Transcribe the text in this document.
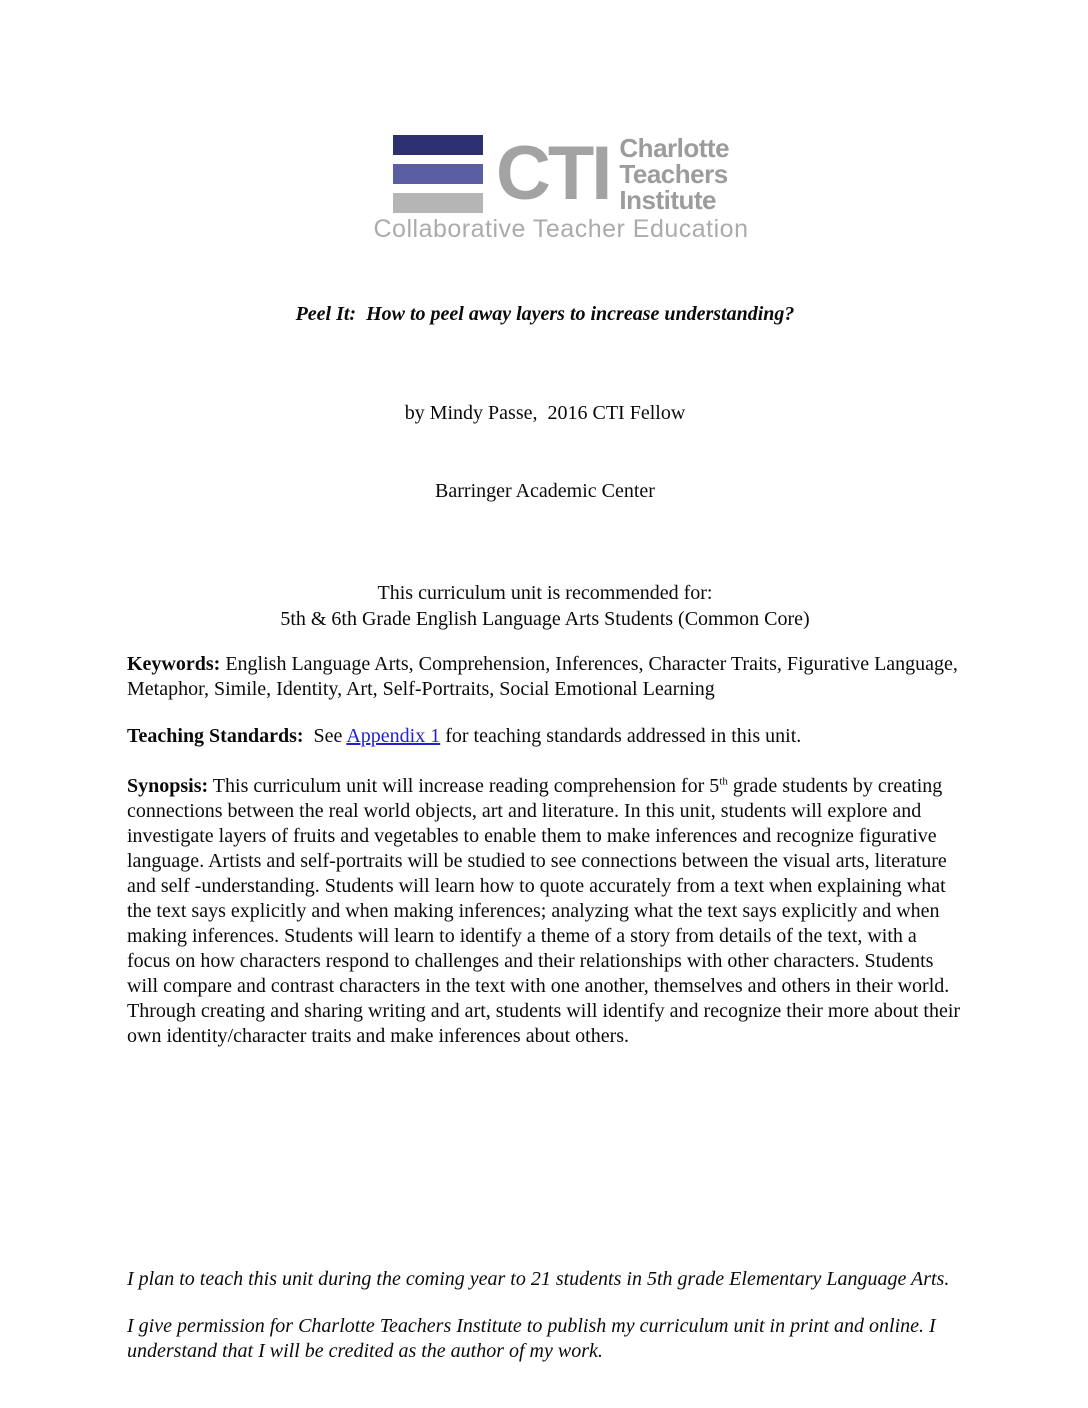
CTI Charlotte
Teachers
Institute
Collaborative Teacher Education
Peel It:  How to peel away layers to increase understanding?

by Mindy Passe,  2016 CTI Fellow

Barringer Academic Center

This curriculum unit is recommended for:
5th & 6th Grade English Language Arts Students (Common Core)

Keywords: English Language Arts, Comprehension, Inferences, Character Traits, Figurative Language, Metaphor, Simile, Identity, Art, Self-Portraits, Social Emotional Learning

Teaching Standards:  See Appendix 1 for teaching standards addressed in this unit.

Synopsis: This curriculum unit will increase reading comprehension for 5th grade students by creating connections between the real world objects, art and literature. In this unit, students will explore and investigate layers of fruits and vegetables to enable them to make inferences and recognize figurative language. Artists and self-portraits will be studied to see connections between the visual arts, literature and self -understanding. Students will learn how to quote accurately from a text when explaining what the text says explicitly and when making inferences; analyzing what the text says explicitly and when making inferences. Students will learn to identify a theme of a story from details of the text, with a focus on how characters respond to challenges and their relationships with other characters. Students will compare and contrast characters in the text with one another, themselves and others in their world. Through creating and sharing writing and art, students will identify and recognize their more about their own identity/character traits and make inferences about others.

I plan to teach this unit during the coming year to 21 students in 5th grade Elementary Language Arts.

I give permission for Charlotte Teachers Institute to publish my curriculum unit in print and online. I understand that I will be credited as the author of my work.
